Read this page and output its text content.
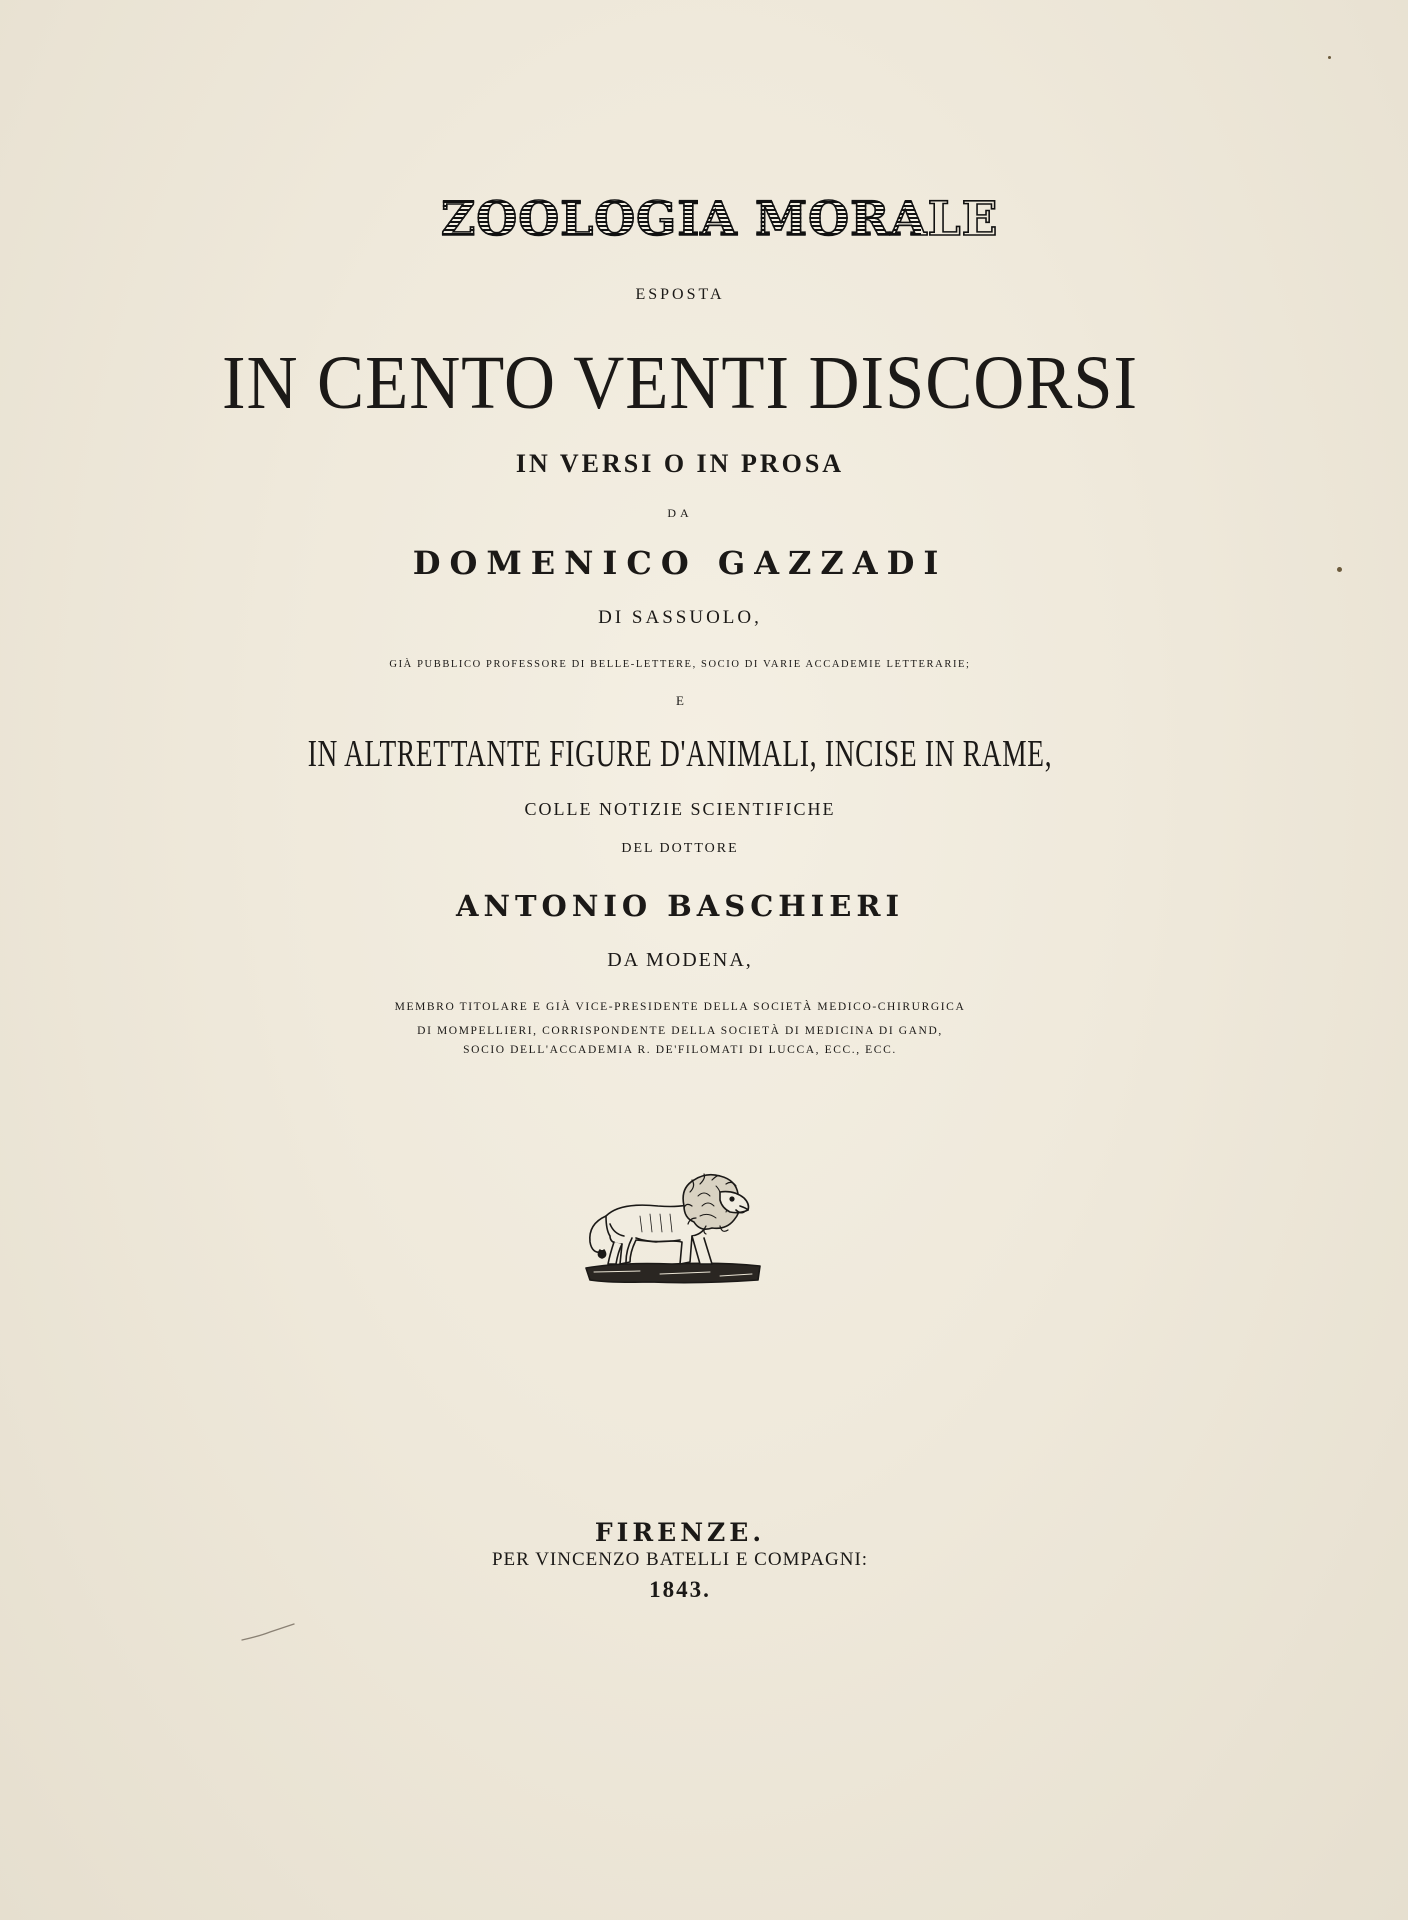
ZOOLOGIA MORALE
ESPOSTA
IN CENTO VENTI DISCORSI
IN VERSI O IN PROSA
DA
DOMENICO GAZZADI
DI SASSUOLO,
GIÀ PUBBLICO PROFESSORE DI BELLE-LETTERE, SOCIO DI VARIE ACCADEMIE LETTERARIE;
E
IN ALTRETTANTE FIGURE D'ANIMALI, INCISE IN RAME,
COLLE NOTIZIE SCIENTIFICHE
DEL DOTTORE
ANTONIO BASCHIERI
DA MODENA,
MEMBRO TITOLARE E GIÀ VICE-PRESIDENTE DELLA SOCIETÀ MEDICO-CHIRURGICA
DI MOMPELLIERI, CORRISPONDENTE DELLA SOCIETÀ DI MEDICINA DI GAND,
SOCIO DELL'ACCADEMIA R. DE'FILOMATI DI LUCCA, ECC., ECC.
FIRENZE.
PER VINCENZO BATELLI E COMPAGNI:
1843.
